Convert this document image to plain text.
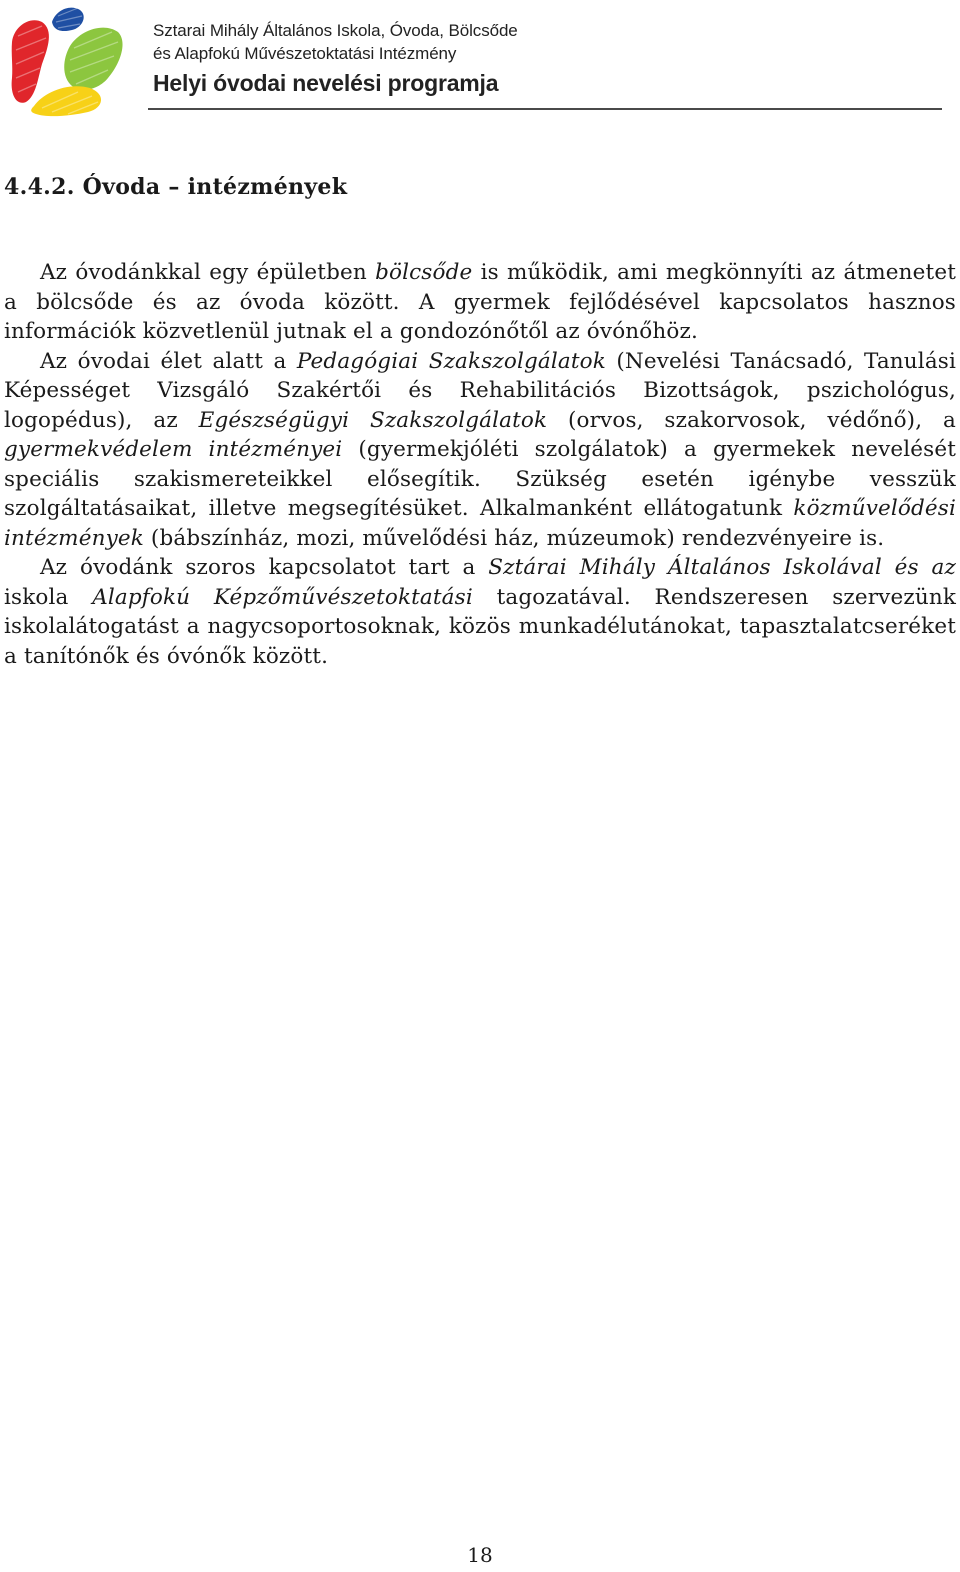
Sztarai Mihály Általános Iskola, Óvoda, Bölcsőde
és Alapfokú Művészetoktatási Intézmény
Helyi óvodai nevelési programja
4.4.2. Óvoda – intézmények

Az óvodánkkal egy épületben bölcsőde is működik, ami megkönnyíti az átmenetet a bölcsőde és az óvoda között. A gyermek fejlődésével kapcsolatos hasznos információk közvetlenül jutnak el a gondozónőtől az óvónőhöz.

Az óvodai élet alatt a Pedagógiai Szakszolgálatok (Nevelési Tanácsadó, Tanulási Képességet Vizsgáló Szakértői és Rehabilitációs Bizottságok, pszichológus, logopédus), az Egészségügyi Szakszolgálatok (orvos, szakorvosok, védőnő), a gyermekvédelem intézményei (gyermekjóléti szolgálatok) a gyermekek nevelését speciális szakismereteikkel elősegítik. Szükség esetén igénybe vesszük szolgáltatásaikat, illetve megsegítésüket. Alkalmanként ellátogatunk közművelődési intézmények (bábszínház, mozi, művelődési ház, múzeumok) rendezvényeire is.

Az óvodánk szoros kapcsolatot tart a Sztárai Mihály Általános Iskolával és az iskola Alapfokú Képzőművészetoktatási tagozatával. Rendszeresen szervezünk iskolalátogatást a nagycsoportosoknak, közös munkadélutánokat, tapasztalatcseréket a tanítónők és óvónők között.

18
